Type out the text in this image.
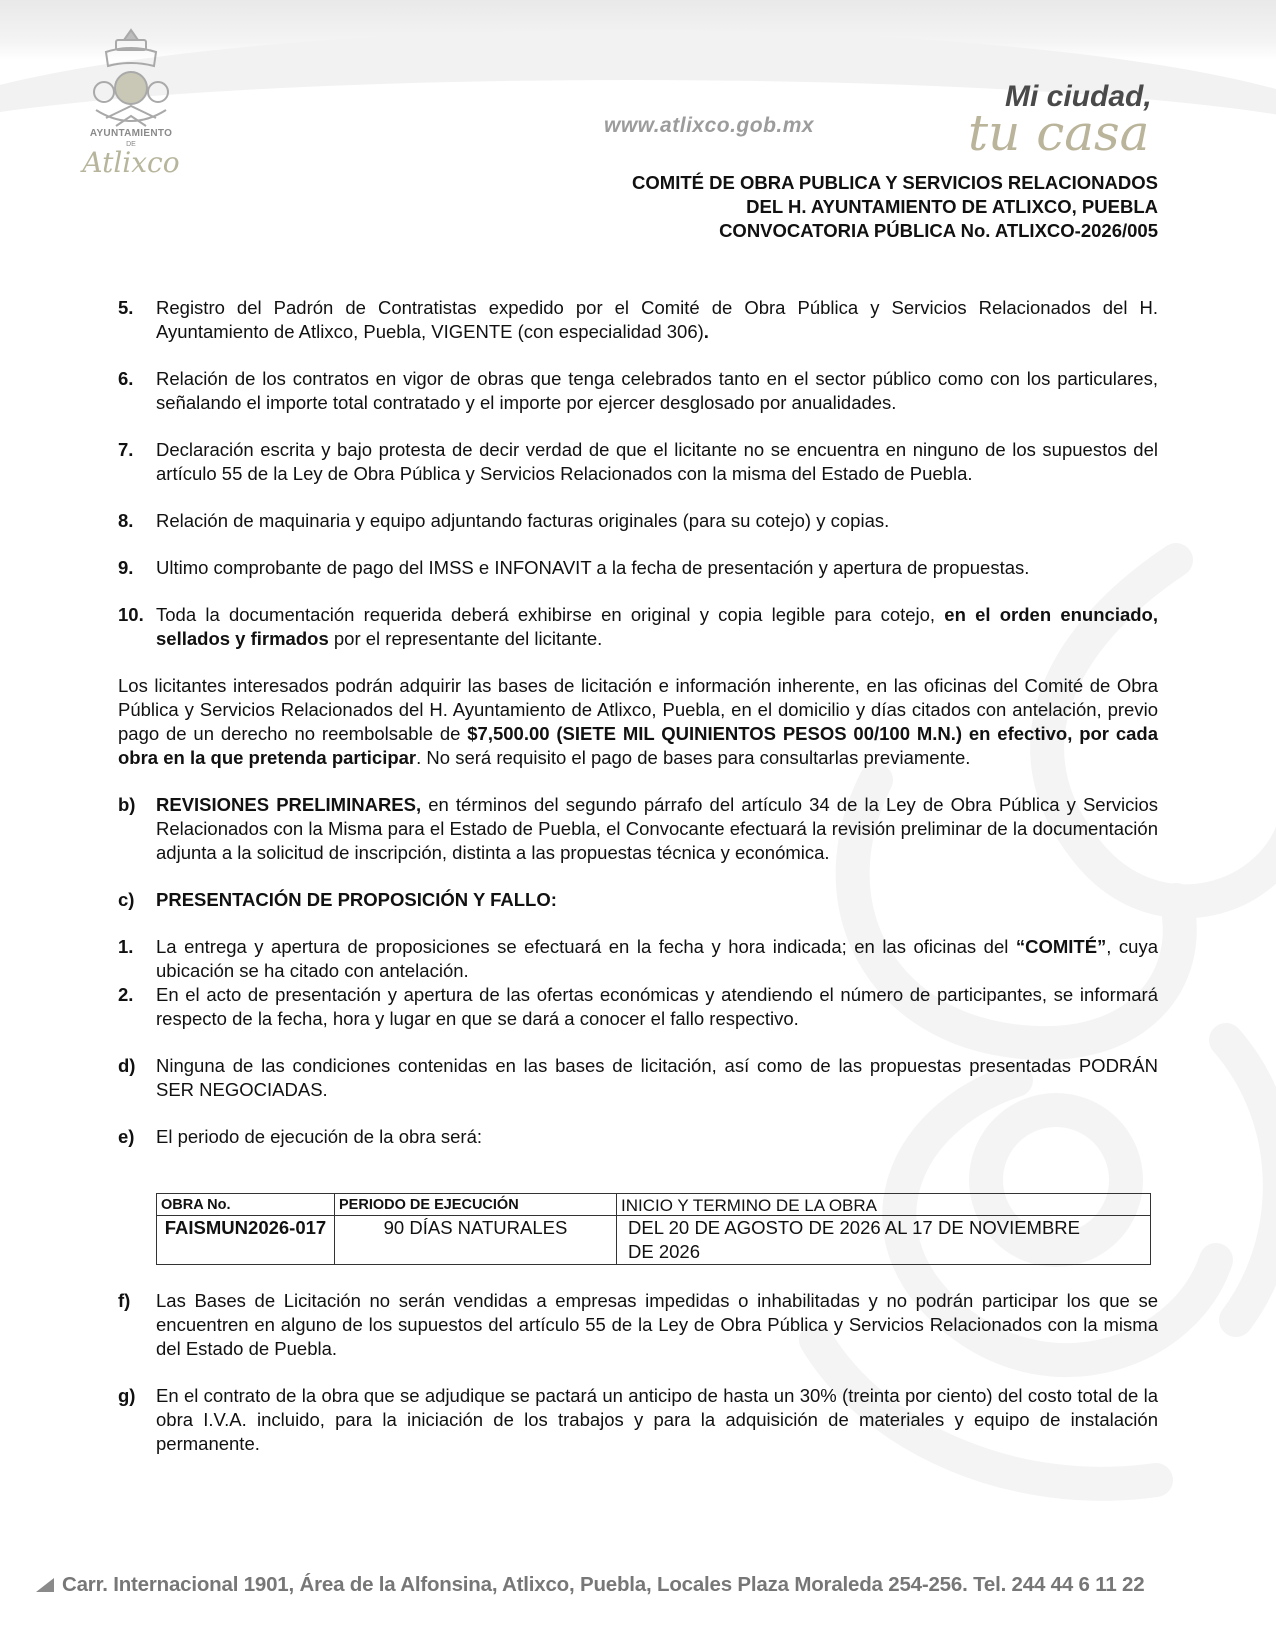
AYUNTAMIENTO
DE
Atlixco
www.atlixco.gob.mx
Mi ciudad,
tu casa
COMITÉ DE OBRA PUBLICA Y SERVICIOS RELACIONADOS
DEL H. AYUNTAMIENTO DE ATLIXCO, PUEBLA
CONVOCATORIA PÚBLICA No. ATLIXCO-2026/005
5.	Registro del Padrón de Contratistas expedido por el Comité de Obra Pública y Servicios Relacionados del H. Ayuntamiento de Atlixco, Puebla, VIGENTE (con especialidad 306).
6.	Relación de los contratos en vigor de obras que tenga celebrados tanto en el sector público como con los particulares, señalando el importe total contratado y el importe por ejercer desglosado por anualidades.
7.	Declaración escrita y bajo protesta de decir verdad de que el licitante no se encuentra en ninguno de los supuestos del artículo 55 de la Ley de Obra Pública y Servicios Relacionados con la misma del Estado de Puebla.
8.	Relación de maquinaria y equipo adjuntando facturas originales (para su cotejo) y copias.
9.	Ultimo comprobante de pago del IMSS e INFONAVIT a la fecha de presentación y apertura de propuestas.
10. Toda la documentación requerida deberá exhibirse en original y copia legible para cotejo, en el orden enunciado, sellados y firmados por el representante del licitante.

Los licitantes interesados podrán adquirir las bases de licitación e información inherente, en las oficinas del Comité de Obra Pública y Servicios Relacionados del H. Ayuntamiento de Atlixco, Puebla, en el domicilio y días citados con antelación, previo pago de un derecho no reembolsable de $7,500.00 (SIETE MIL QUINIENTOS PESOS 00/100 M.N.) en efectivo, por cada obra en la que pretenda participar. No será requisito el pago de bases para consultarlas previamente.

b)	REVISIONES PRELIMINARES, en términos del segundo párrafo del artículo 34 de la Ley de Obra Pública y Servicios Relacionados con la Misma para el Estado de Puebla, el Convocante efectuará la revisión preliminar de la documentación adjunta a la solicitud de inscripción, distinta a las propuestas técnica y económica.
c)	PRESENTACIÓN DE PROPOSICIÓN Y FALLO:
1.	La entrega y apertura de proposiciones se efectuará en la fecha y hora indicada; en las oficinas del “COMITÉ”, cuya ubicación se ha citado con antelación.
2.	En el acto de presentación y apertura de las ofertas económicas y atendiendo el número de participantes, se informará respecto de la fecha, hora y lugar en que se dará a conocer el fallo respectivo.
d)	Ninguna de las condiciones contenidas en las bases de licitación, así como de las propuestas presentadas PODRÁN SER NEGOCIADAS.
e)	El periodo de ejecución de la obra será:
OBRA No.	PERIODO DE EJECUCIÓN	INICIO Y TERMINO DE LA OBRA
FAISMUN2026-017	90 DÍAS NATURALES	DEL 20 DE AGOSTO DE 2026 AL 17 DE NOVIEMBRE DE 2026
f)	Las Bases de Licitación no serán vendidas a empresas impedidas o inhabilitadas y no podrán participar los que se encuentren en alguno de los supuestos del artículo 55 de la Ley de Obra Pública y Servicios Relacionados con la misma del Estado de Puebla.
g)	En el contrato de la obra que se adjudique se pactará un anticipo de hasta un 30% (treinta por ciento) del costo total de la obra I.V.A. incluido, para la iniciación de los trabajos y para la adquisición de materiales y equipo de instalación permanente.
Carr. Internacional 1901, Área de la Alfonsina, Atlixco, Puebla, Locales Plaza Moraleda 254-256. Tel. 244 44 6 11 22
